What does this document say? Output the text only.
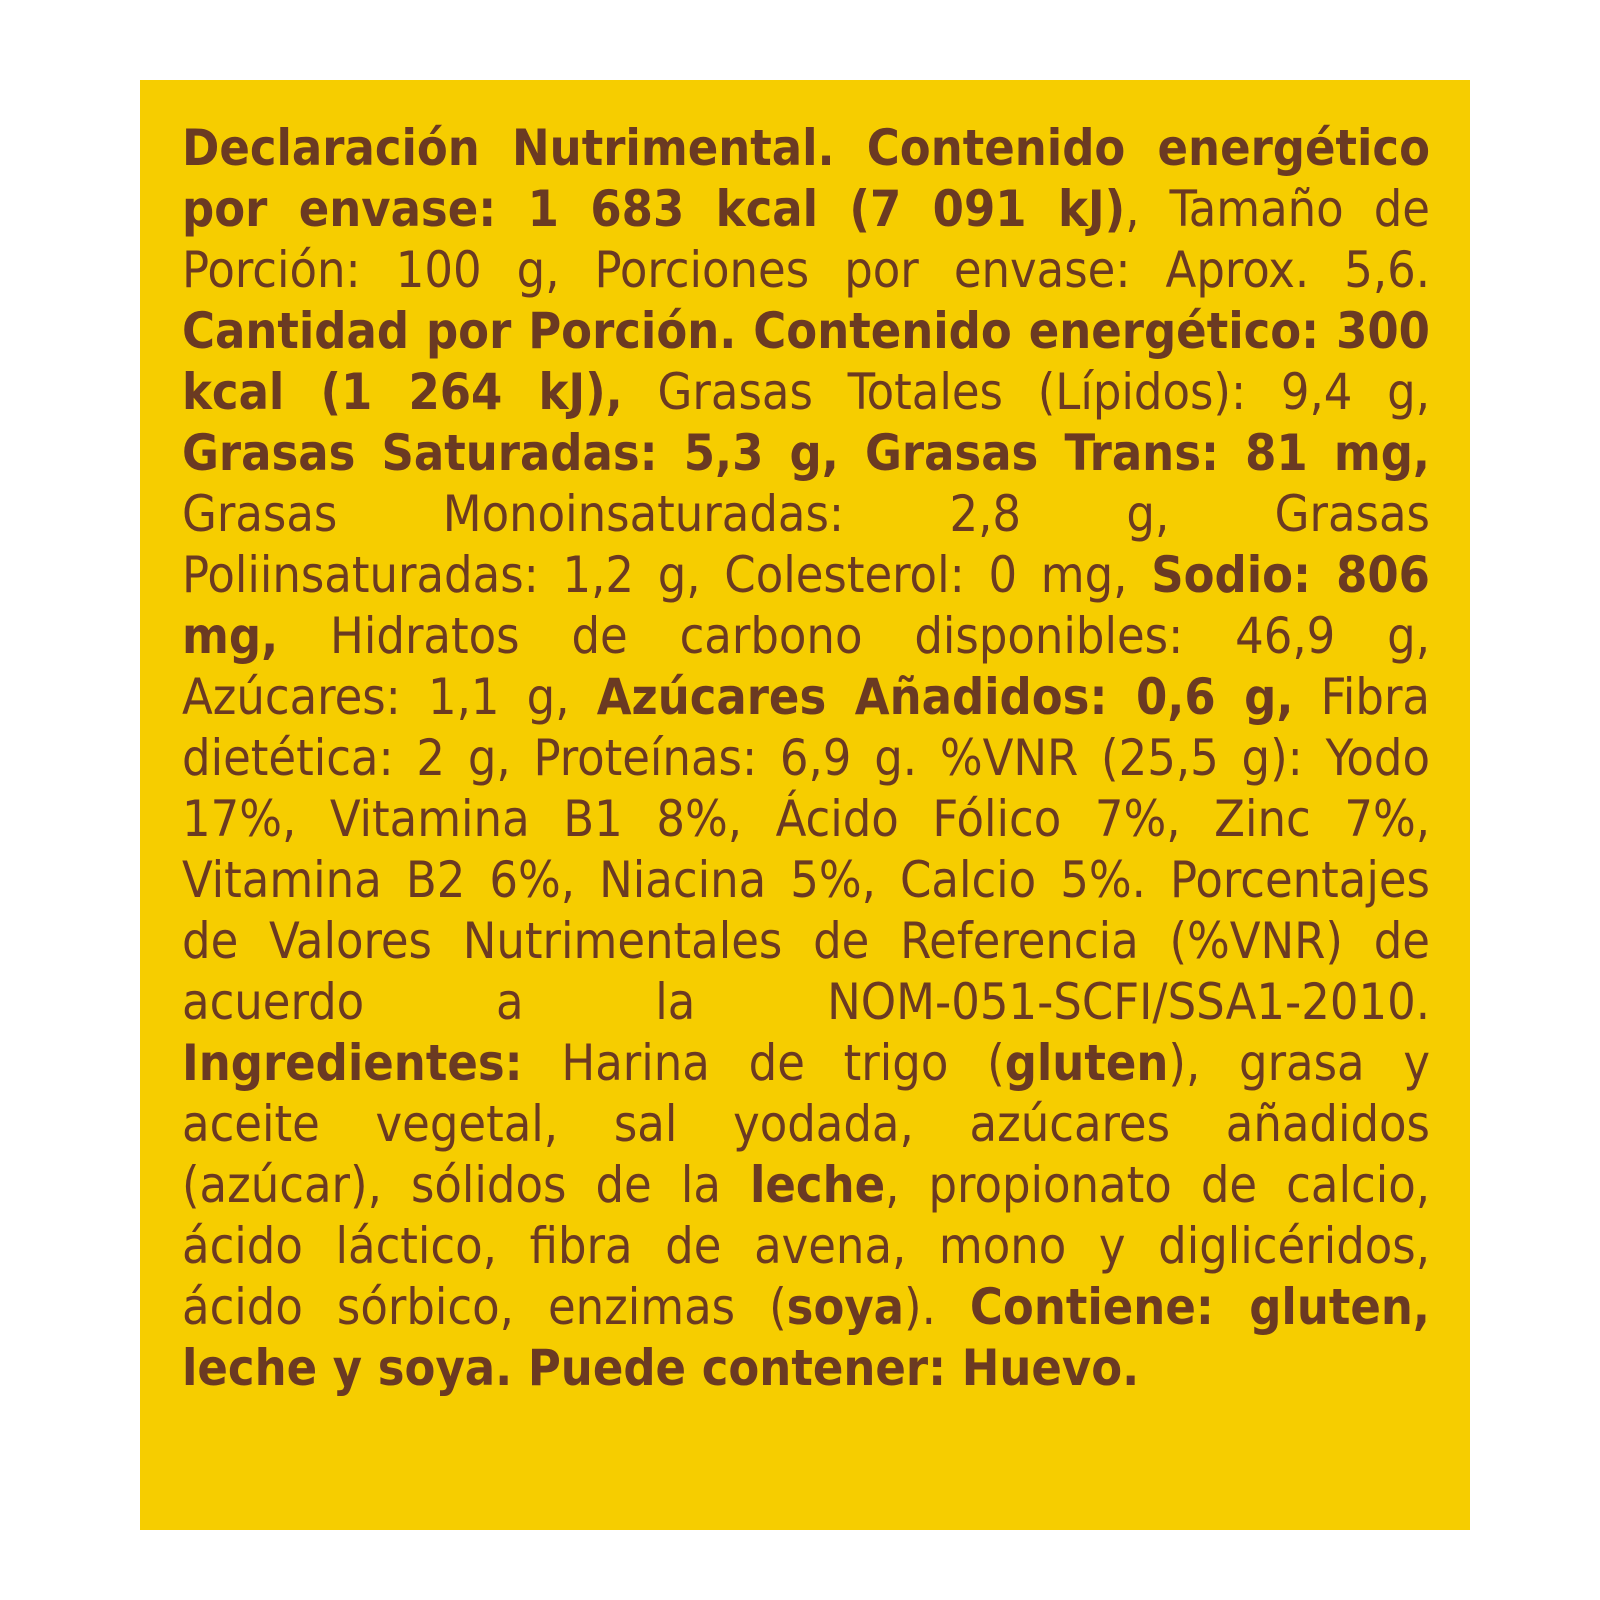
Declaración Nutrimental. Contenido energético por envase: 1 683 kcal (7 091 kJ), Tamaño de Porción: 100 g, Porciones por envase: Aprox. 5,6. Cantidad por Porción. Contenido energético: 300 kcal (1 264 kJ), Grasas Totales (Lípidos): 9,4 g, Grasas Saturadas: 5,3 g, Grasas Trans: 81 mg, Grasas Monoinsaturadas: 2,8 g, Grasas Poliinsaturadas: 1,2 g, Colesterol: 0 mg, Sodio: 806 mg, Hidratos de carbono disponibles: 46,9 g, Azúcares: 1,1 g, Azúcares Añadidos: 0,6 g, Fibra dietética: 2 g, Proteínas: 6,9 g. %VNR (25,5 g): Yodo 17%, Vitamina B1 8%, Ácido Fólico 7%, Zinc 7%, Vitamina B2 6%, Niacina 5%, Calcio 5%. Porcentajes de Valores Nutrimentales de Referencia (%VNR) de acuerdo a la NOM-051-SCFI/SSA1-2010. Ingredientes: Harina de trigo (gluten), grasa y aceite vegetal, sal yodada, azúcares añadidos (azúcar), sólidos de la leche, propionato de calcio, ácido láctico, fibra de avena, mono y diglicéridos, ácido sórbico, enzimas (soya). Contiene: gluten, leche y soya. Puede contener: Huevo.
